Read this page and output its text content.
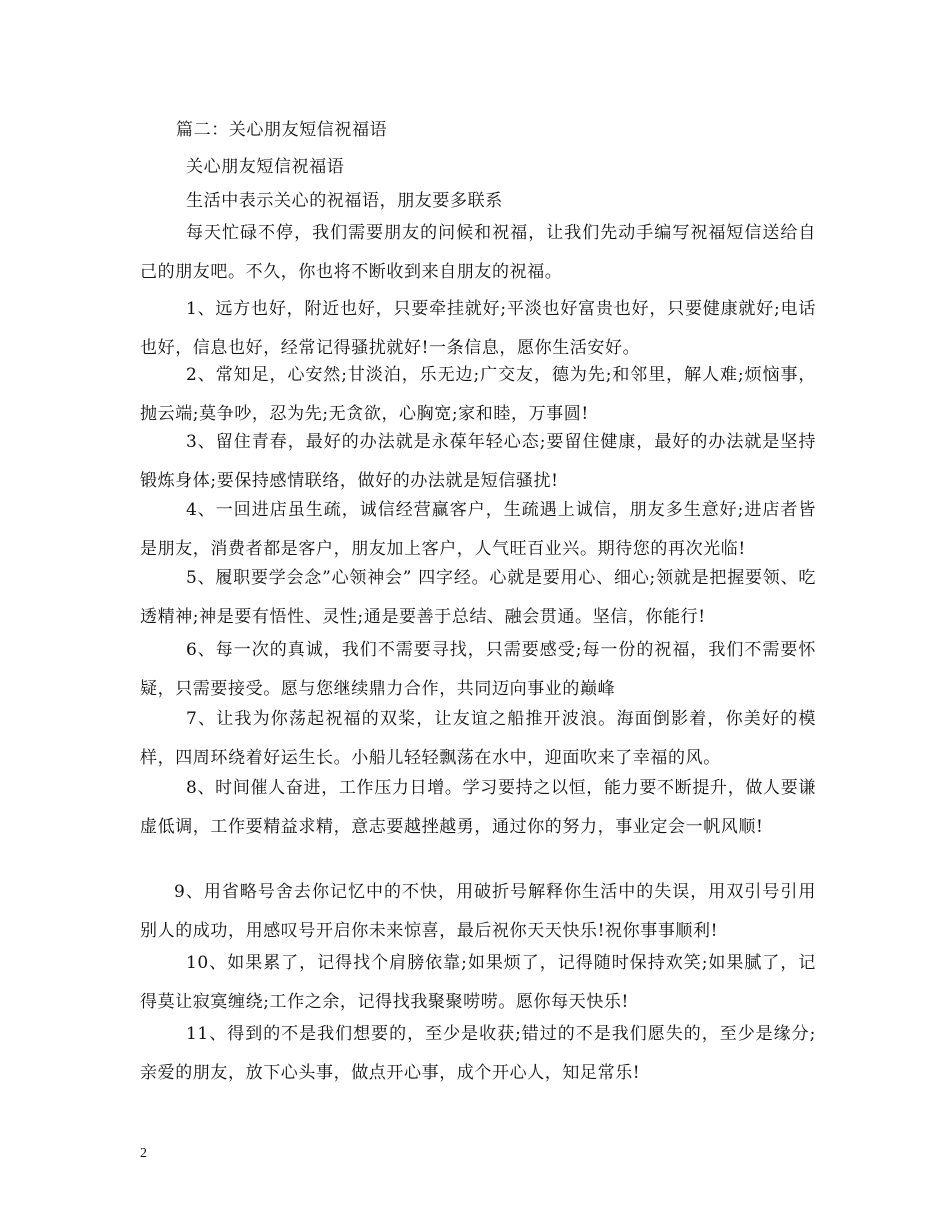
篇二：关心朋友短信祝福语
关心朋友短信祝福语
生活中表示关心的祝福语，朋友要多联系
每天忙碌不停，我们需要朋友的问候和祝福，让我们先动手编写祝福短信送给自己的朋友吧。不久，你也将不断收到来自朋友的祝福。
1、远方也好，附近也好，只要牵挂就好;平淡也好富贵也好，只要健康就好;电话也好，信息也好，经常记得骚扰就好!一条信息，愿你生活安好。
2、常知足，心安然;甘淡泊，乐无边;广交友，德为先;和邻里，解人难;烦恼事，抛云端;莫争吵，忍为先;无贪欲，心胸宽;家和睦，万事圆!
3、留住青春，最好的办法就是永葆年轻心态;要留住健康，最好的办法就是坚持锻炼身体;要保持感情联络，做好的办法就是短信骚扰!
4、一回进店虽生疏，诚信经营赢客户，生疏遇上诚信，朋友多生意好;进店者皆是朋友，消费者都是客户，朋友加上客户，人气旺百业兴。期待您的再次光临!
5、履职要学会念”心领神会” 四字经。心就是要用心、细心;领就是把握要领、吃透精神;神是要有悟性、灵性;通是要善于总结、融会贯通。坚信，你能行!
6、每一次的真诚，我们不需要寻找，只需要感受;每一份的祝福，我们不需要怀疑，只需要接受。愿与您继续鼎力合作，共同迈向事业的巅峰
7、让我为你荡起祝福的双桨，让友谊之船推开波浪。海面倒影着，你美好的模样，四周环绕着好运生长。小船儿轻轻飘荡在水中，迎面吹来了幸福的风。
8、时间催人奋进，工作压力日增。学习要持之以恒，能力要不断提升，做人要谦虚低调，工作要精益求精，意志要越挫越勇，通过你的努力，事业定会一帆风顺!
9、用省略号舍去你记忆中的不快，用破折号解释你生活中的失误，用双引号引用别人的成功，用感叹号开启你未来惊喜，最后祝你天天快乐!祝你事事顺利!
10、如果累了，记得找个肩膀依靠;如果烦了，记得随时保持欢笑;如果腻了，记得莫让寂寞缠绕;工作之余，记得找我聚聚唠唠。愿你每天快乐!
11、得到的不是我们想要的，至少是收获;错过的不是我们愿失的，至少是缘分;亲爱的朋友，放下心头事，做点开心事，成个开心人，知足常乐!
2
